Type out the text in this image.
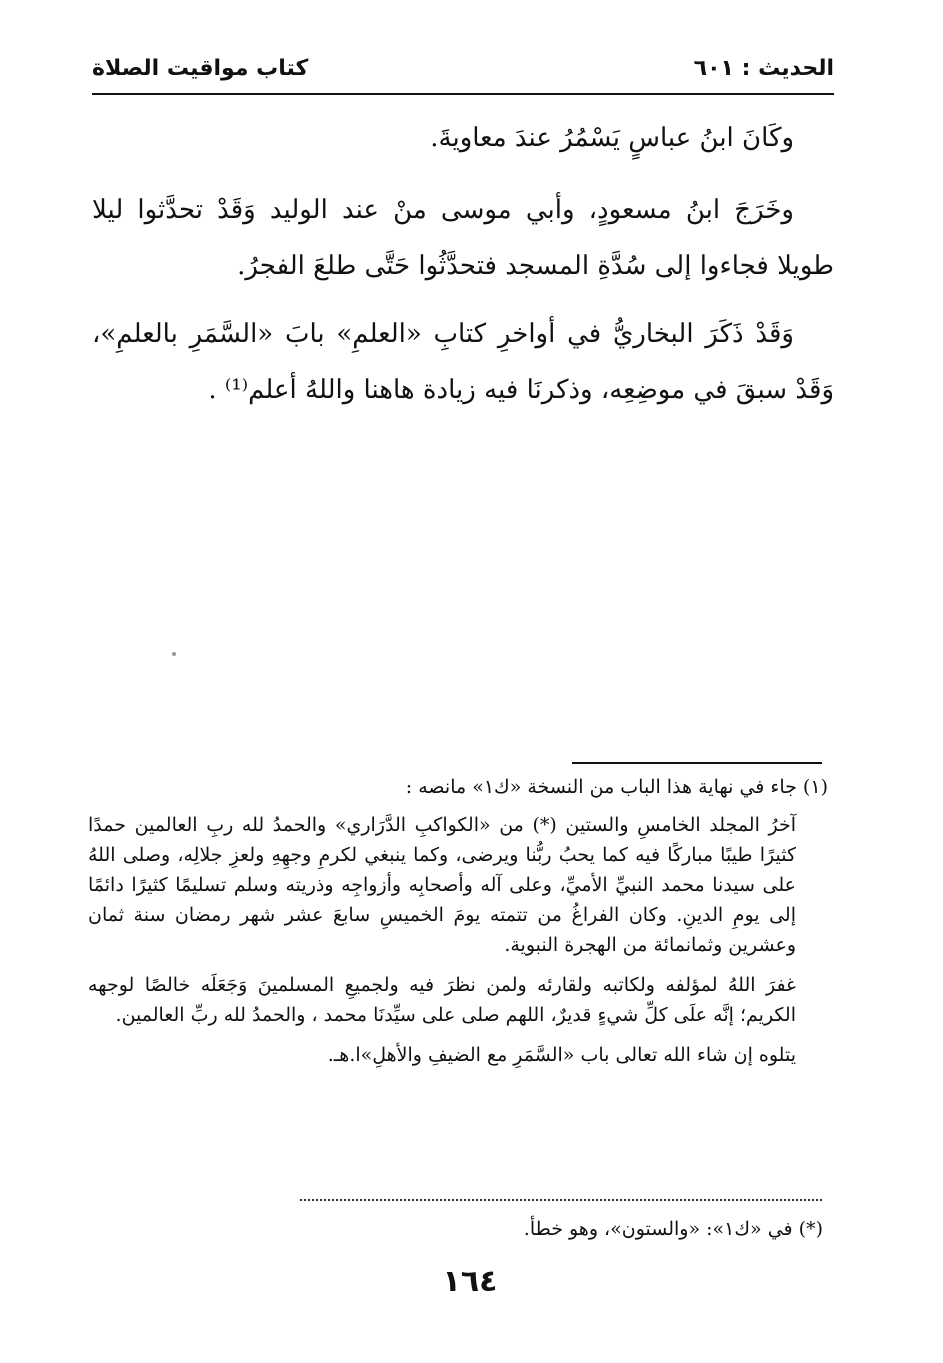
الحديث : ٦٠١
كتاب مواقيت الصلاة

وكَانَ ابنُ عباسٍ يَسْمُرُ عندَ معاويةَ.

وخَرَجَ ابنُ مسعودٍ، وأبي موسى منْ عند الوليد وَقَدْ تحدَّثوا ليلا طويلا فجاءوا إلى سُدَّةِ المسجد فتحدَّثُوا حَتَّى طلعَ الفجرُ.

وَقَدْ ذَكَرَ البخاريُّ في أواخرِ كتابِ «العلمِ» بابَ «السَّمَرِ بالعلمِ»، وَقَدْ سبقَ في موضِعِه، وذكرنَا فيه زيادة هاهنا واللهُ أعلم⁽¹⁾ .

(١) جاء في نهاية هذا الباب من النسخة «ك١» مانصه :

آخرُ المجلد الخامسِ والستين (*) من «الكواكبِ الدَّرَاري» والحمدُ لله ربِ العالمين حمدًا كثيرًا طيبًا مباركًا فيه كما يحبُ ربُّنا ويرضى، وكما ينبغي لكرمِ وجهِهِ ولعزِ جلالِه، وصلى اللهُ على سيدنا محمد النبيِّ الأميِّ، وعلى آله وأصحابِه وأزواجِه وذريته وسلم تسليمًا كثيرًا دائمًا إلى يومِ الدينِ. وكان الفراغُ من تتمته يومَ الخميسِ سابعَ عشر شهر رمضان سنة ثمان وعشرين وثمانمائة من الهجرة النبوية.

غفرَ اللهُ لمؤلفه ولكاتبه ولقارئه ولمن نظرَ فيه ولجميعِ المسلمينَ وَجَعَلَه خالصًا لوجهه الكريم؛ إنَّه علَى كلِّ شيءٍ قديرٌ، اللهم صلى على سيِّدنَا محمد ، والحمدُ لله ربِّ العالمين.

يتلوه إن شاء الله تعالى باب «السَّمَرِ مع الضيفِ والأهلِ»ا.هـ.

(*) في «ك١»: «والستون»، وهو خطأ.
١٦٤
